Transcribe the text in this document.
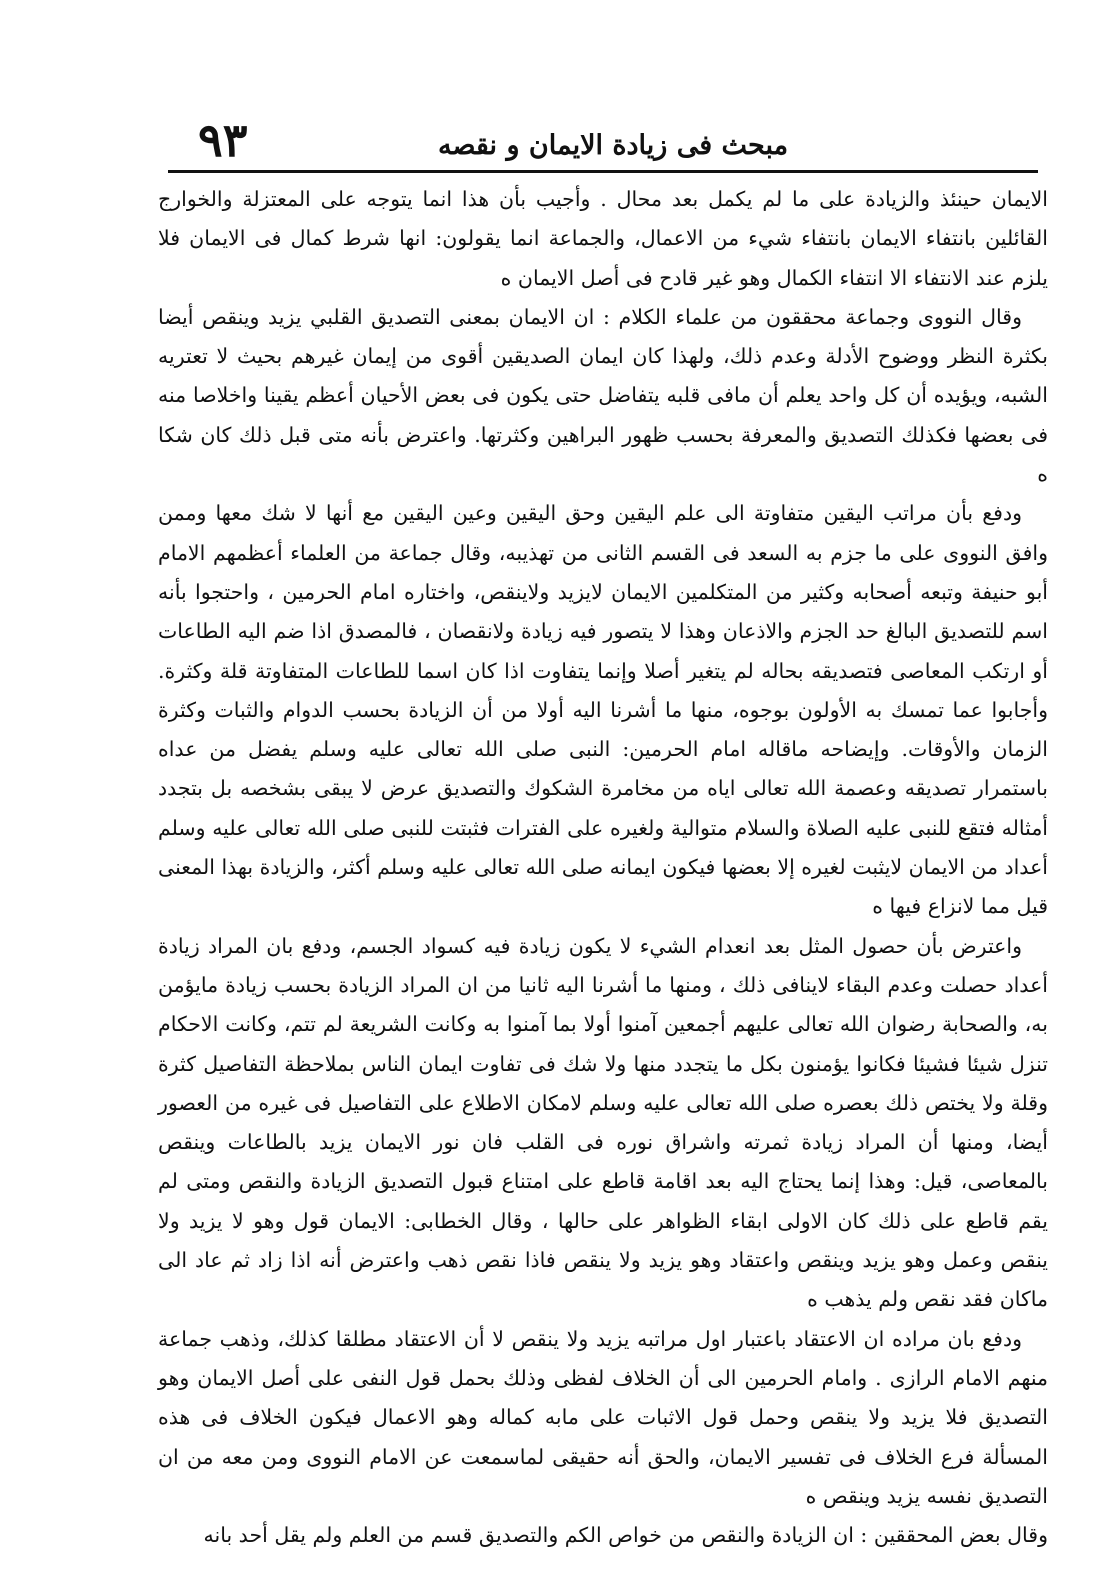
٩٣	مبحث فی زیادة الایمان و نقصه

الايمان حينئذ والزيادة على ما لم يكمل بعد محال . وأجيب بأن هذا انما يتوجه على المعتزلة والخوارج القائلين بانتفاء الايمان بانتفاء شيء من الاعمال، والجماعة انما يقولون: انها شرط كمال فى الايمان فلا يلزم عند الانتفاء الا انتفاء الكمال وهو غير قادح فى أصل الايمان ه

وقال النووى وجماعة محققون من علماء الكلام : ان الايمان بمعنى التصديق القلبي يزيد وينقص أيضا بكثرة النظر ووضوح الأدلة وعدم ذلك، ولهذا كان ايمان الصديقين أقوى من إيمان غيرهم بحيث لا تعتريه الشبه، ويؤيده أن كل واحد يعلم أن مافى قلبه يتفاضل حتى يكون فى بعض الأحيان أعظم يقينا واخلاصا منه فى بعضها فكذلك التصديق والمعرفة بحسب ظهور البراهين وكثرتها. واعترض بأنه متى قبل ذلك كان شكا ه

ودفع بأن مراتب اليقين متفاوتة الى علم اليقين وحق اليقين وعين اليقين مع أنها لا شك معها وممن وافق النووى على ما جزم به السعد فى القسم الثانى من تهذيبه، وقال جماعة من العلماء أعظمهم الامام أبو حنيفة وتبعه أصحابه وكثير من المتكلمين الايمان لايزيد ولاينقص، واختاره امام الحرمين ، واحتجوا بأنه اسم للتصديق البالغ حد الجزم والاذعان وهذا لا يتصور فيه زيادة ولانقصان ، فالمصدق اذا ضم اليه الطاعات أو ارتكب المعاصى فتصديقه بحاله لم يتغير أصلا وإنما يتفاوت اذا كان اسما للطاعات المتفاوتة قلة وكثرة. وأجابوا عما تمسك به الأولون بوجوه، منها ما أشرنا اليه أولا من أن الزيادة بحسب الدوام والثبات وكثرة الزمان والأوقات. وإيضاحه ماقاله امام الحرمين: النبى صلى الله تعالى عليه وسلم يفضل من عداه باستمرار تصديقه وعصمة الله تعالى اياه من مخامرة الشكوك والتصديق عرض لا يبقى بشخصه بل بتجدد أمثاله فتقع للنبى عليه الصلاة والسلام متوالية ولغيره على الفترات فثبتت للنبى صلى الله تعالى عليه وسلم أعداد من الايمان لايثبت لغيره إلا بعضها فيكون ايمانه صلى الله تعالى عليه وسلم أكثر، والزيادة بهذا المعنى قيل مما لانزاع فيها ه

واعترض بأن حصول المثل بعد انعدام الشيء لا يكون زيادة فيه كسواد الجسم، ودفع بان المراد زيادة أعداد حصلت وعدم البقاء لاينافى ذلك ، ومنها ما أشرنا اليه ثانيا من ان المراد الزيادة بحسب زيادة مايؤمن به، والصحابة رضوان الله تعالى عليهم أجمعين آمنوا أولا بما آمنوا به وكانت الشريعة لم تتم، وكانت الاحكام تنزل شيئا فشيئا فكانوا يؤمنون بكل ما يتجدد منها ولا شك فى تفاوت ايمان الناس بملاحظة التفاصيل كثرة وقلة ولا يختص ذلك بعصره صلى الله تعالى عليه وسلم لامكان الاطلاع على التفاصيل فى غيره من العصور أيضا، ومنها أن المراد زيادة ثمرته واشراق نوره فى القلب فان نور الايمان يزيد بالطاعات وينقص بالمعاصى، قيل: وهذا إنما يحتاج اليه بعد اقامة قاطع على امتناع قبول التصديق الزيادة والنقص ومتى لم يقم قاطع على ذلك كان الاولى ابقاء الظواهر على حالها ، وقال الخطابى: الايمان قول وهو لا يزيد ولا ينقص وعمل وهو يزيد وينقص واعتقاد وهو يزيد ولا ينقص فاذا نقص ذهب واعترض أنه اذا زاد ثم عاد الى ماكان فقد نقص ولم يذهب ه

ودفع بان مراده ان الاعتقاد باعتبار اول مراتبه يزيد ولا ينقص لا أن الاعتقاد مطلقا كذلك، وذهب جماعة منهم الامام الرازى . وامام الحرمين الى أن الخلاف لفظى وذلك بحمل قول النفى على أصل الايمان وهو التصديق فلا يزيد ولا ينقص وحمل قول الاثبات على مابه كماله وهو الاعمال فيكون الخلاف فى هذه المسألة فرع الخلاف فى تفسير الايمان، والحق أنه حقيقى لماسمعت عن الامام النووى ومن معه من ان التصديق نفسه يزيد وينقص ه

وقال بعض المحققين : ان الزيادة والنقص من خواص الكم والتصديق قسم من العلم ولم يقل أحد بانه
